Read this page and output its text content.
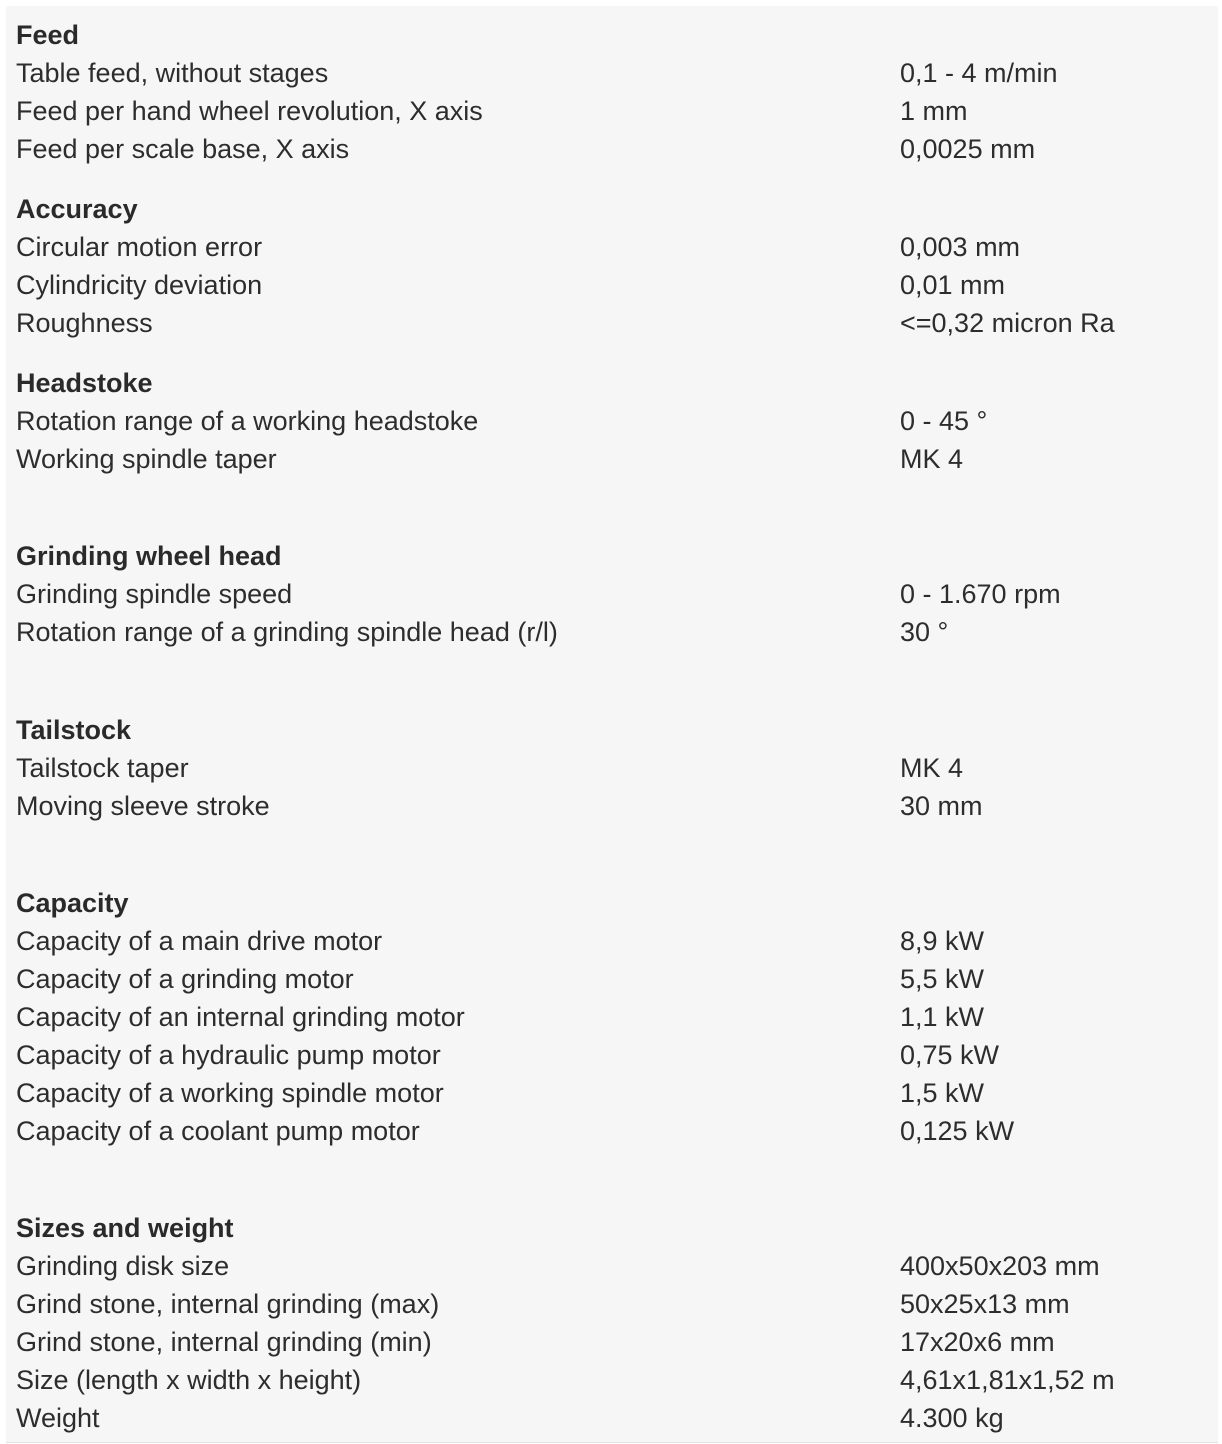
Feed
Table feed, without stages	0,1 - 4 m/min
Feed per hand wheel revolution, X axis	1 mm
Feed per scale base, X axis	0,0025 mm
Accuracy
Circular motion error	0,003 mm
Cylindricity deviation	0,01 mm
Roughness	<=0,32 micron Ra
Headstoke
Rotation range of a working headstoke	0 - 45 °
Working spindle taper	MK 4
Grinding wheel head
Grinding spindle speed	0 - 1.670 rpm
Rotation range of a grinding spindle head (r/l)	30 °
Tailstock
Tailstock taper	MK 4
Moving sleeve stroke	30 mm
Capacity
Capacity of a main drive motor	8,9 kW
Capacity of a grinding motor	5,5 kW
Capacity of an internal grinding motor	1,1 kW
Capacity of a hydraulic pump motor	0,75 kW
Capacity of a working spindle motor	1,5 kW
Capacity of a coolant pump motor	0,125 kW
Sizes and weight
Grinding disk size	400x50x203 mm
Grind stone, internal grinding (max)	50x25x13 mm
Grind stone, internal grinding (min)	17x20x6 mm
Size (length x width x height)	4,61x1,81x1,52 m
Weight	4.300 kg
